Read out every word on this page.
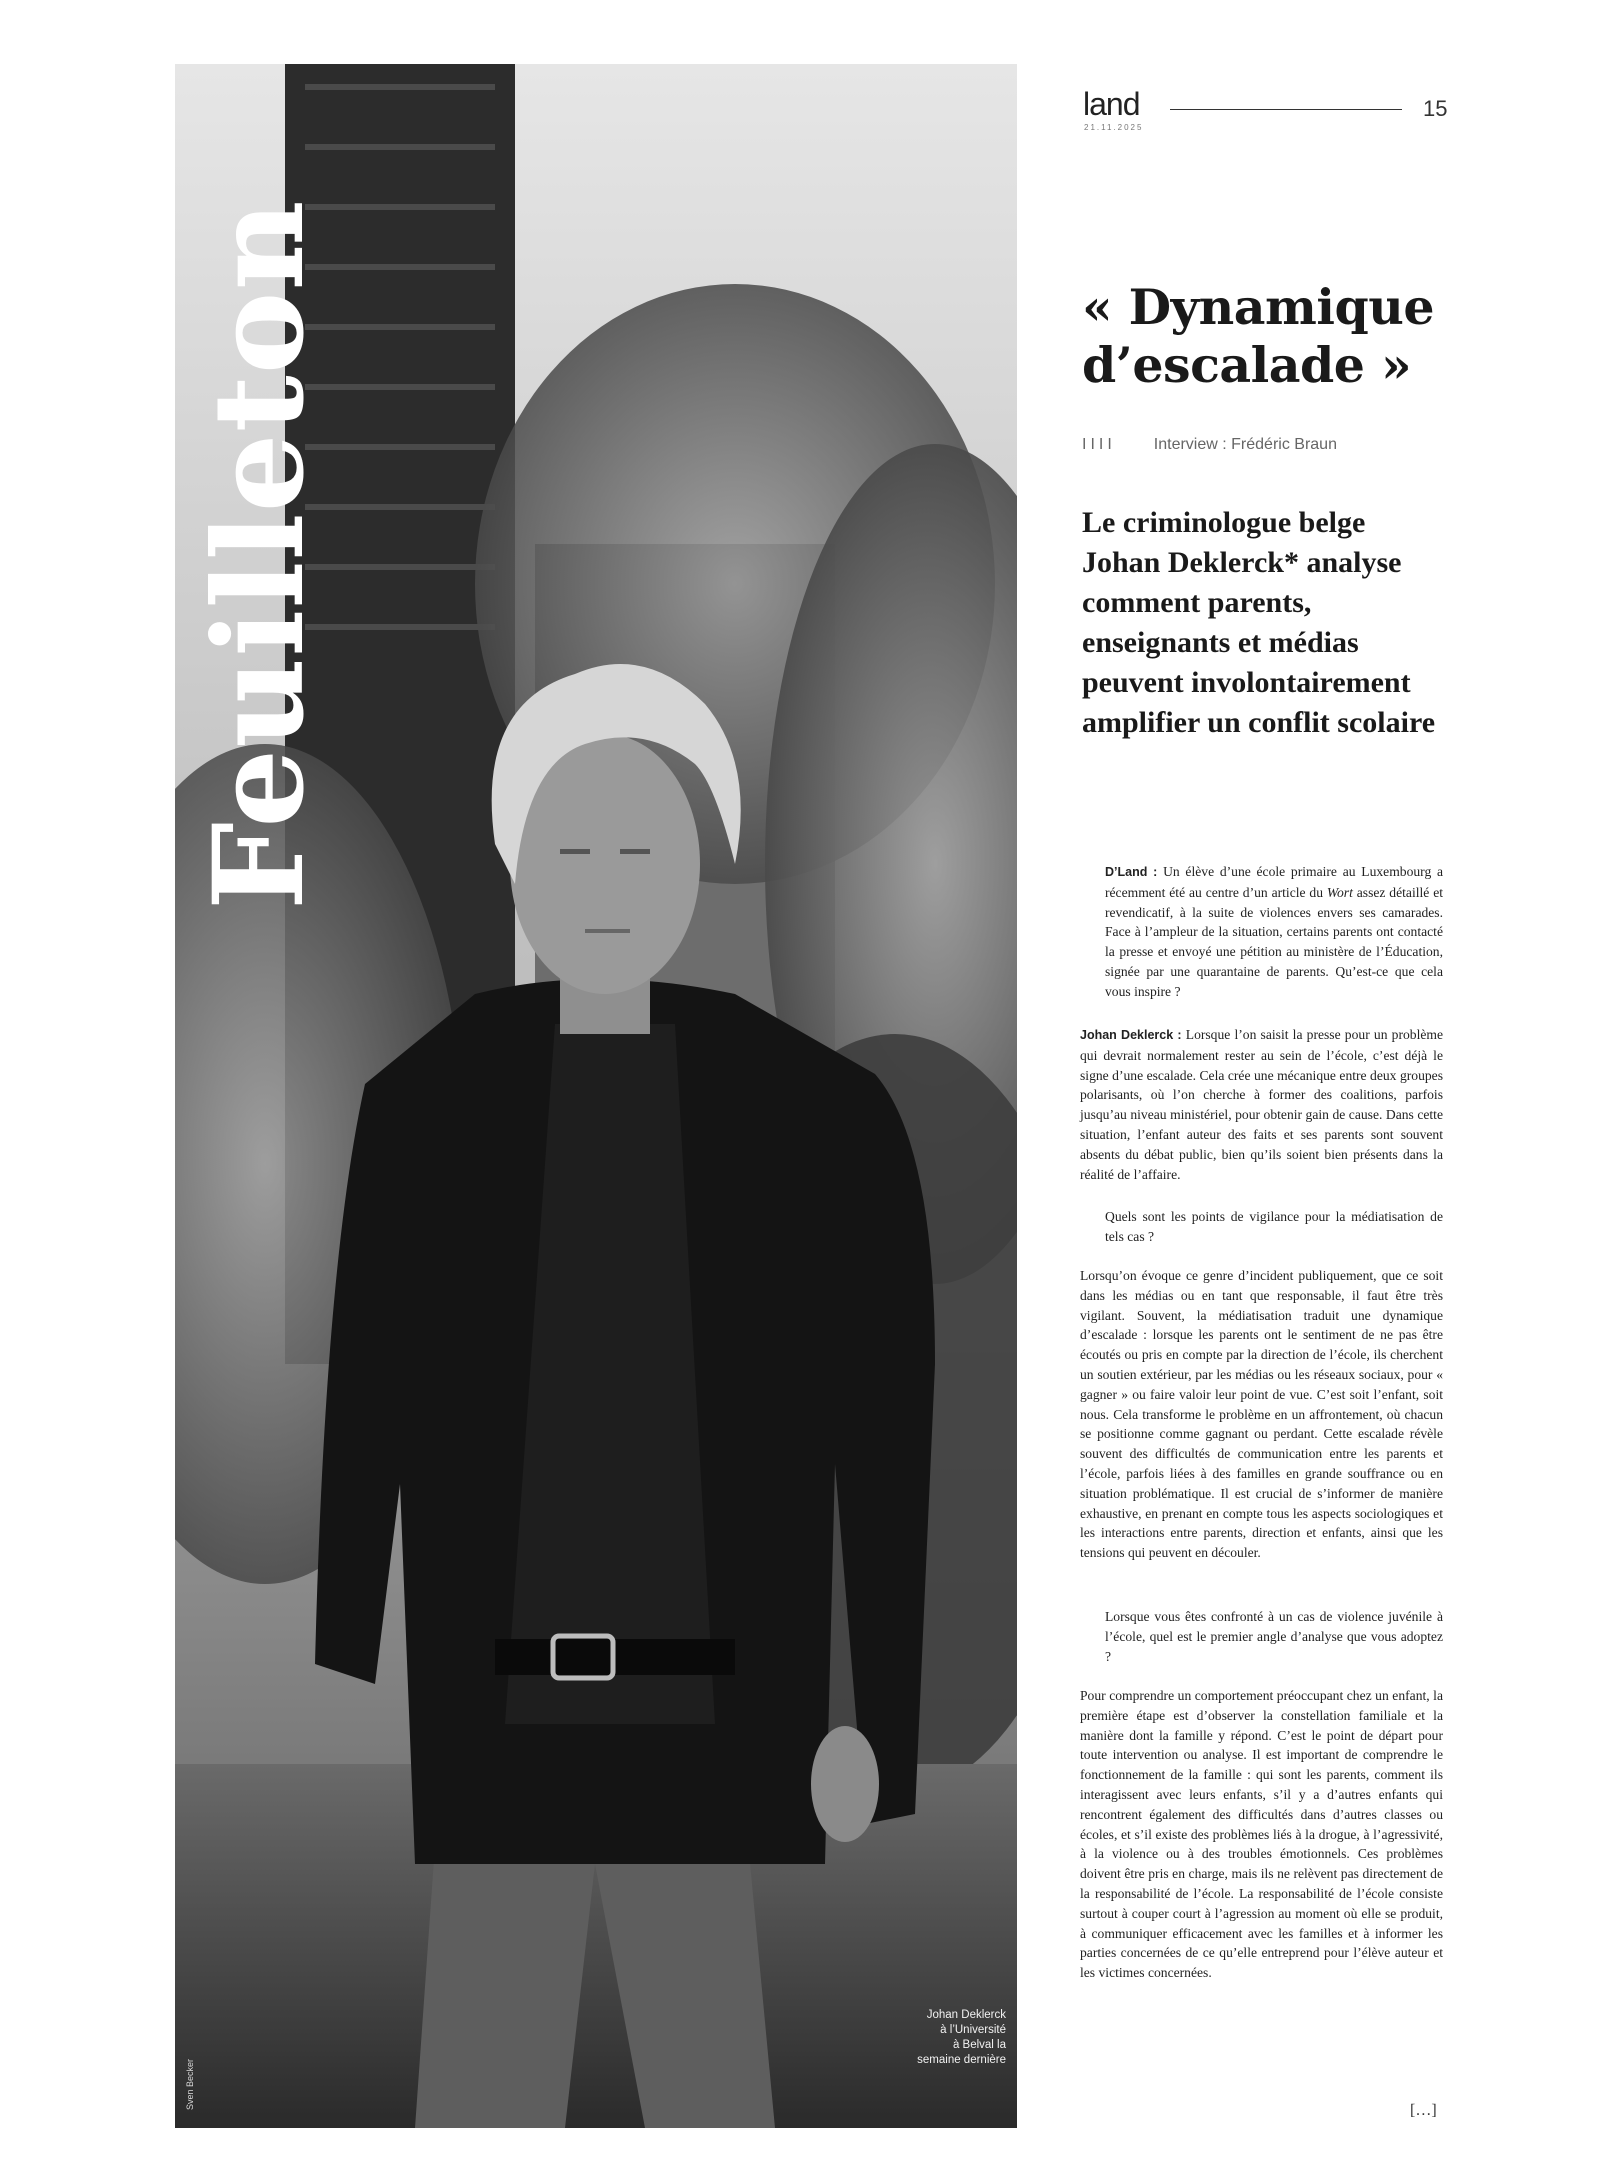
Feuilleton
Sven Becker
Johan Deklerck
à l’Université
à Belval la
semaine dernière
land
21.11.2025
15
« Dynamique
d’escalade »
IIII Interview : Frédéric Braun
Le criminologue belge
Johan Deklerck* analyse
comment parents,
enseignants et médias
peuvent involontairement
amplifier un conflit scolaire

D’Land : Un élève d’une école primaire au Luxembourg a récemment été au centre d’un article du Wort assez détaillé et revendicatif, à la suite de violences envers ses camarades. Face à l’ampleur de la situation, certains parents ont contacté la presse et envoyé une pétition au ministère de l’Éducation, signée par une quarantaine de parents. Qu’est-ce que cela vous inspire ?

Johan Deklerck : Lorsque l’on saisit la presse pour un problème qui devrait normalement rester au sein de l’école, c’est déjà le signe d’une escalade. Cela crée une mécanique entre deux groupes polarisants, où l’on cherche à former des coalitions, parfois jusqu’au niveau ministériel, pour obtenir gain de cause. Dans cette situation, l’enfant auteur des faits et ses parents sont souvent absents du débat public, bien qu’ils soient bien présents dans la réalité de l’affaire.

Quels sont les points de vigilance pour la médiatisation de tels cas ?

Lorsqu’on évoque ce genre d’incident publiquement, que ce soit dans les médias ou en tant que responsable, il faut être très vigilant. Souvent, la médiatisation traduit une dynamique d’escalade : lorsque les parents ont le sentiment de ne pas être écoutés ou pris en compte par la direction de l’école, ils cherchent un soutien extérieur, par les médias ou les réseaux sociaux, pour « gagner » ou faire valoir leur point de vue. C’est soit l’enfant, soit nous. Cela transforme le problème en un affrontement, où chacun se positionne comme gagnant ou perdant. Cette escalade révèle souvent des difficultés de communication entre les parents et l’école, parfois liées à des familles en grande souffrance ou en situation problématique. Il est crucial de s’informer de manière exhaustive, en prenant en compte tous les aspects sociologiques et les interactions entre parents, direction et enfants, ainsi que les tensions qui peuvent en découler.

Lorsque vous êtes confronté à un cas de violence juvénile à l’école, quel est le premier angle d’analyse que vous adoptez ?

Pour comprendre un comportement préoccupant chez un enfant, la première étape est d’observer la constellation familiale et la manière dont la famille y répond. C’est le point de départ pour toute intervention ou analyse. Il est important de comprendre le fonctionnement de la famille : qui sont les parents, comment ils interagissent avec leurs enfants, s’il y a d’autres enfants qui rencontrent également des difficultés dans d’autres classes ou écoles, et s’il existe des problèmes liés à la drogue, à l’agressivité, à la violence ou à des troubles émotionnels. Ces problèmes doivent être pris en charge, mais ils ne relèvent pas directement de la responsabilité de l’école. La responsabilité de l’école consiste surtout à couper court à l’agression au moment où elle se produit, à communiquer efficacement avec les familles et à informer les parties concernées de ce qu’elle entreprend pour l’élève auteur et les victimes concernées.

[…]
